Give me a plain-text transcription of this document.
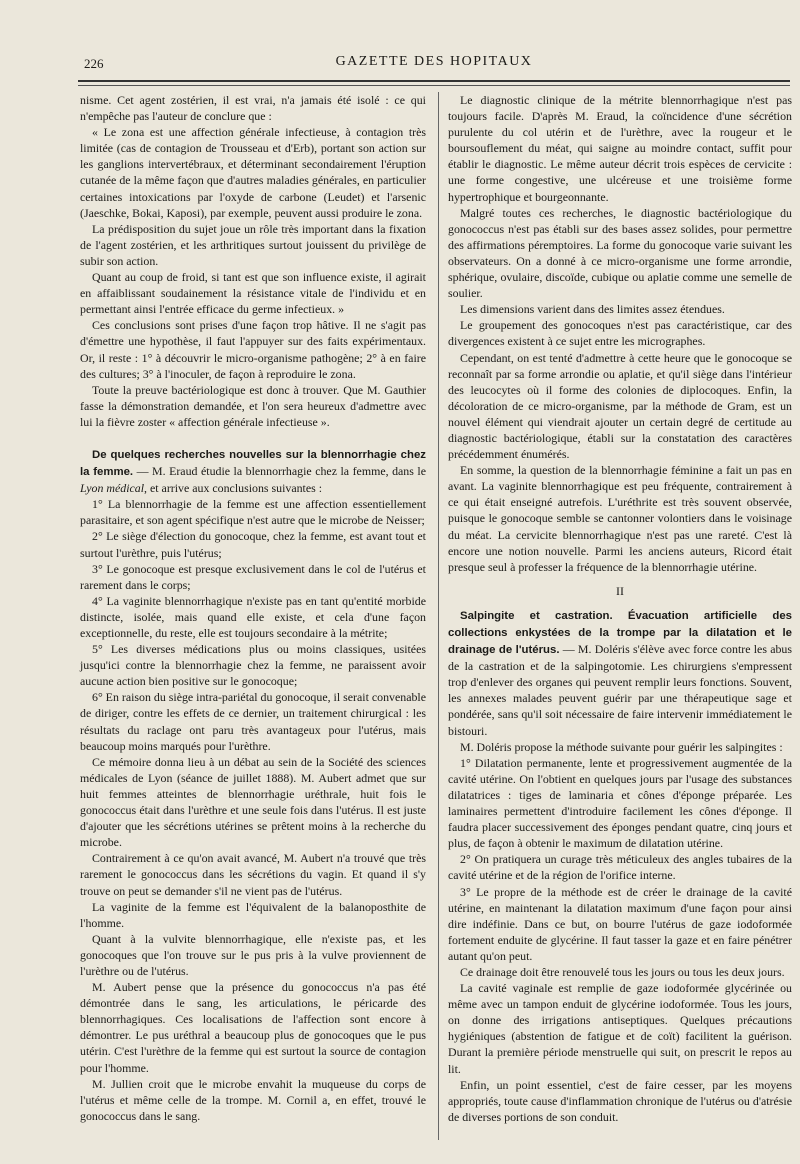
226	GAZETTE DES HOPITAUX

nisme. Cet agent zostérien, il est vrai, n'a jamais été isolé : ce qui n'empêche pas l'auteur de conclure que :

« Le zona est une affection générale infectieuse, à contagion très limitée (cas de contagion de Trousseau et d'Erb), portant son action sur les ganglions intervertébraux, et déterminant secondairement l'éruption cutanée de la même façon que d'autres maladies générales, en particulier certaines intoxications par l'oxyde de carbone (Leudet) et l'arsenic (Jaeschke, Bokai, Kaposi), par exemple, peuvent aussi produire le zona.

La prédisposition du sujet joue un rôle très important dans la fixation de l'agent zostérien, et les arthritiques surtout jouissent du privilège de subir son action.

Quant au coup de froid, si tant est que son influence existe, il agirait en affaiblissant soudainement la résistance vitale de l'individu et en permettant ainsi l'entrée efficace du germe infectieux. »

Ces conclusions sont prises d'une façon trop hâtive. Il ne s'agit pas d'émettre une hypothèse, il faut l'appuyer sur des faits expérimentaux. Or, il reste : 1° à découvrir le micro-organisme pathogène; 2° à en faire des cultures; 3° à l'inoculer, de façon à reproduire le zona.

Toute la preuve bactériologique est donc à trouver. Que M. Gauthier fasse la démonstration demandée, et l'on sera heureux d'admettre avec lui la fièvre zoster « affection générale infectieuse ».

De quelques recherches nouvelles sur la blennorrhagie chez la femme. — M. Eraud étudie la blennorrhagie chez la femme, dans le Lyon médical, et arrive aux conclusions suivantes :

1° La blennorrhagie de la femme est une affection essentiellement parasitaire, et son agent spécifique n'est autre que le microbe de Neisser;

2° Le siège d'élection du gonocoque, chez la femme, est avant tout et surtout l'urèthre, puis l'utérus;

3° Le gonocoque est presque exclusivement dans le col de l'utérus et rarement dans le corps;

4° La vaginite blennorrhagique n'existe pas en tant qu'entité morbide distincte, isolée, mais quand elle existe, et cela d'une façon exceptionnelle, du reste, elle est toujours secondaire à la métrite;

5° Les diverses médications plus ou moins classiques, usitées jusqu'ici contre la blennorrhagie chez la femme, ne paraissent avoir aucune action bien positive sur le gonocoque;

6° En raison du siège intra-pariétal du gonocoque, il serait convenable de diriger, contre les effets de ce dernier, un traitement chirurgical : les résultats du raclage ont paru très avantageux pour l'utérus, mais beaucoup moins marqués pour l'urèthre.

Ce mémoire donna lieu à un débat au sein de la Société des sciences médicales de Lyon (séance de juillet 1888). M. Aubert admet que sur huit femmes atteintes de blennorrhagie uréthrale, huit fois le gonococcus était dans l'urèthre et une seule fois dans l'utérus. Il est juste d'ajouter que les sécrétions utérines se prêtent moins à la recherche du microbe.

Contrairement à ce qu'on avait avancé, M. Aubert n'a trouvé que très rarement le gonococcus dans les sécrétions du vagin. Et quand il s'y trouve on peut se demander s'il ne vient pas de l'utérus.

La vaginite de la femme est l'équivalent de la balanoposthite de l'homme.

Quant à la vulvite blennorrhagique, elle n'existe pas, et les gonocoques que l'on trouve sur le pus pris à la vulve proviennent de l'urèthre ou de l'utérus.

M. Aubert pense que la présence du gonococcus n'a pas été démontrée dans le sang, les articulations, le péricarde des blennorrhagiques. Ces localisations de l'affection sont encore à démontrer. Le pus uréthral a beaucoup plus de gonocoques que le pus utérin. C'est l'urèthre de la femme qui est surtout la source de contagion pour l'homme.

M. Jullien croit que le microbe envahit la muqueuse du corps de l'utérus et même celle de la trompe. M. Cornil a, en effet, trouvé le gonococcus dans le sang.

Le diagnostic clinique de la métrite blennorrhagique n'est pas toujours facile. D'après M. Eraud, la coïncidence d'une sécrétion purulente du col utérin et de l'urèthre, avec la rougeur et le boursouflement du méat, qui saigne au moindre contact, suffit pour établir le diagnostic. Le même auteur décrit trois espèces de cervicite : une forme congestive, une ulcéreuse et une troisième forme hypertrophique et bourgeonnante.

Malgré toutes ces recherches, le diagnostic bactériologique du gonococcus n'est pas établi sur des bases assez solides, pour permettre des affirmations péremptoires. La forme du gonocoque varie suivant les observateurs. On a donné à ce micro-organisme une forme arrondie, sphérique, ovulaire, discoïde, cubique ou aplatie comme une semelle de soulier.

Les dimensions varient dans des limites assez étendues.

Le groupement des gonocoques n'est pas caractéristique, car des divergences existent à ce sujet entre les micrographes.

Cependant, on est tenté d'admettre à cette heure que le gonocoque se reconnaît par sa forme arrondie ou aplatie, et qu'il siège dans l'intérieur des leucocytes où il forme des colonies de diplocoques. Enfin, la décoloration de ce micro-organisme, par la méthode de Gram, est un nouvel élément qui viendrait ajouter un certain degré de certitude au diagnostic bactériologique, établi sur la constatation des caractères précédemment énumérés.

En somme, la question de la blennorrhagie féminine a fait un pas en avant. La vaginite blennorrhagique est peu fréquente, contrairement à ce qui était enseigné autrefois. L'uréthrite est très souvent observée, puisque le gonocoque semble se cantonner volontiers dans le voisinage du méat. La cervicite blennorrhagique n'est pas une rareté. C'est là encore une notion nouvelle. Parmi les anciens auteurs, Ricord était presque seul à professer la fréquence de la blennorrhagie utérine.

II

Salpingite et castration. Évacuation artificielle des collections enkystées de la trompe par la dilatation et le drainage de l'utérus. — M. Doléris s'élève avec force contre les abus de la castration et de la salpingotomie. Les chirurgiens s'empressent trop d'enlever des organes qui peuvent remplir leurs fonctions. Souvent, les annexes malades peuvent guérir par une thérapeutique sage et pondérée, sans qu'il soit nécessaire de faire intervenir immédiatement le bistouri.

M. Doléris propose la méthode suivante pour guérir les salpingites :

1° Dilatation permanente, lente et progressivement augmentée de la cavité utérine. On l'obtient en quelques jours par l'usage des substances dilatatrices : tiges de laminaria et cônes d'éponge préparée. Les laminaires permettent d'introduire facilement les cônes d'éponge. Il faudra placer successivement des éponges pendant quatre, cinq jours et plus, de façon à obtenir le maximum de dilatation utérine.

2° On pratiquera un curage très méticuleux des angles tubaires de la cavité utérine et de la région de l'orifice interne.

3° Le propre de la méthode est de créer le drainage de la cavité utérine, en maintenant la dilatation maximum d'une façon pour ainsi dire indéfinie. Dans ce but, on bourre l'utérus de gaze iodoformée fortement enduite de glycérine. Il faut tasser la gaze et en faire pénétrer autant qu'on peut.

Ce drainage doit être renouvelé tous les jours ou tous les deux jours.

La cavité vaginale est remplie de gaze iodoformée glycérinée ou même avec un tampon enduit de glycérine iodoformée. Tous les jours, on donne des irrigations antiseptiques. Quelques précautions hygiéniques (abstention de fatigue et de coït) facilitent la guérison. Durant la première période menstruelle qui suit, on prescrit le repos au lit.

Enfin, un point essentiel, c'est de faire cesser, par les moyens appropriés, toute cause d'inflammation chronique de l'utérus ou d'atrésie de diverses portions de son conduit.
